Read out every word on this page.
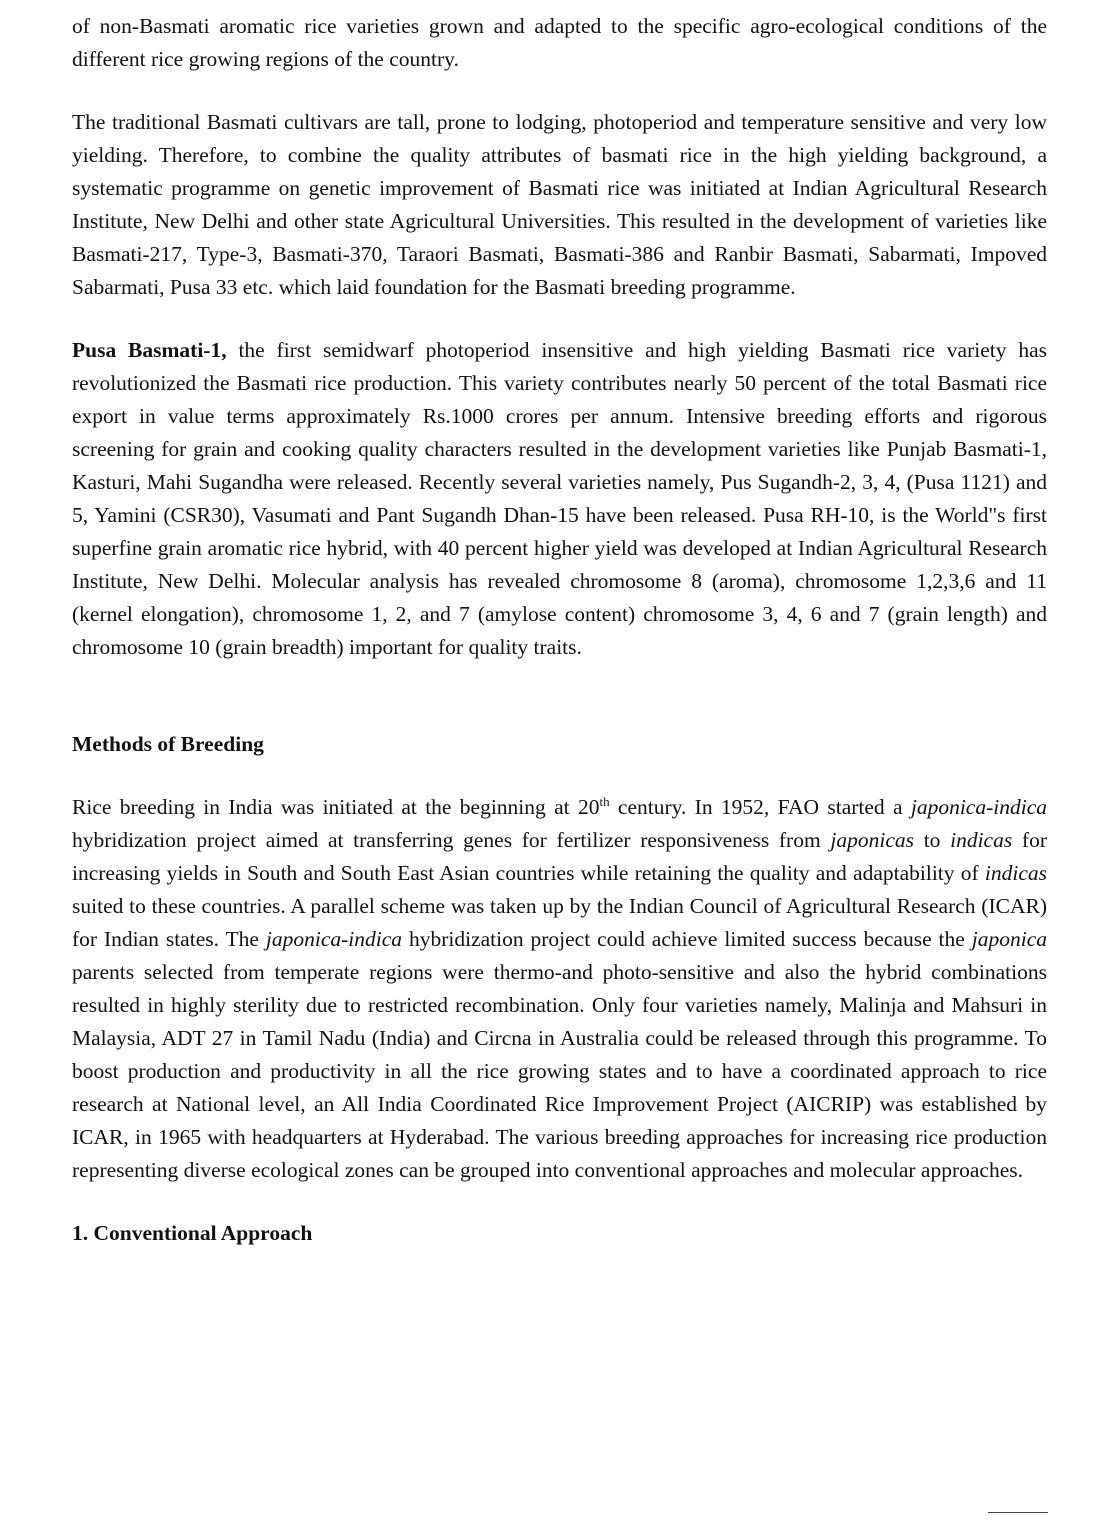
of non-Basmati aromatic rice varieties grown and adapted to the specific agro-ecological conditions of the different rice growing regions of the country.

The traditional Basmati cultivars are tall, prone to lodging, photoperiod and temperature sensitive and very low yielding. Therefore, to combine the quality attributes of basmati rice in the high yielding background, a systematic programme on genetic improvement of Basmati rice was initiated at Indian Agricultural Research Institute, New Delhi and other state Agricultural Universities. This resulted in the development of varieties like Basmati-217, Type-3, Basmati-370, Taraori Basmati, Basmati-386 and Ranbir Basmati, Sabarmati, Impoved Sabarmati, Pusa 33 etc. which laid foundation for the Basmati breeding programme.

Pusa Basmati-1, the first semidwarf photoperiod insensitive and high yielding Basmati rice variety has revolutionized the Basmati rice production. This variety contributes nearly 50 percent of the total Basmati rice export in value terms approximately Rs.1000 crores per annum. Intensive breeding efforts and rigorous screening for grain and cooking quality characters resulted in the development varieties like Punjab Basmati-1, Kasturi, Mahi Sugandha were released. Recently several varieties namely, Pus Sugandh-2, 3, 4, (Pusa 1121) and 5, Yamini (CSR30), Vasumati and Pant Sugandh Dhan-15 have been released. Pusa RH-10, is the World"s first superfine grain aromatic rice hybrid, with 40 percent higher yield was developed at Indian Agricultural Research Institute, New Delhi. Molecular analysis has revealed chromosome 8 (aroma), chromosome 1,2,3,6 and 11 (kernel elongation), chromosome 1, 2, and 7 (amylose content) chromosome 3, 4, 6 and 7 (grain length) and chromosome 10 (grain breadth) important for quality traits.

Methods of Breeding

Rice breeding in India was initiated at the beginning at 20th century. In 1952, FAO started a japonica-indica hybridization project aimed at transferring genes for fertilizer responsiveness from japonicas to indicas for increasing yields in South and South East Asian countries while retaining the quality and adaptability of indicas suited to these countries. A parallel scheme was taken up by the Indian Council of Agricultural Research (ICAR) for Indian states. The japonica-indica hybridization project could achieve limited success because the japonica parents selected from temperate regions were thermo-and photo-sensitive and also the hybrid combinations resulted in highly sterility due to restricted recombination. Only four varieties namely, Malinja and Mahsuri in Malaysia, ADT 27 in Tamil Nadu (India) and Circna in Australia could be released through this programme. To boost production and productivity in all the rice growing states and to have a coordinated approach to rice research at National level, an All India Coordinated Rice Improvement Project (AICRIP) was established by ICAR, in 1965 with headquarters at Hyderabad. The various breeding approaches for increasing rice production representing diverse ecological zones can be grouped into conventional approaches and molecular approaches.

1. Conventional Approach
